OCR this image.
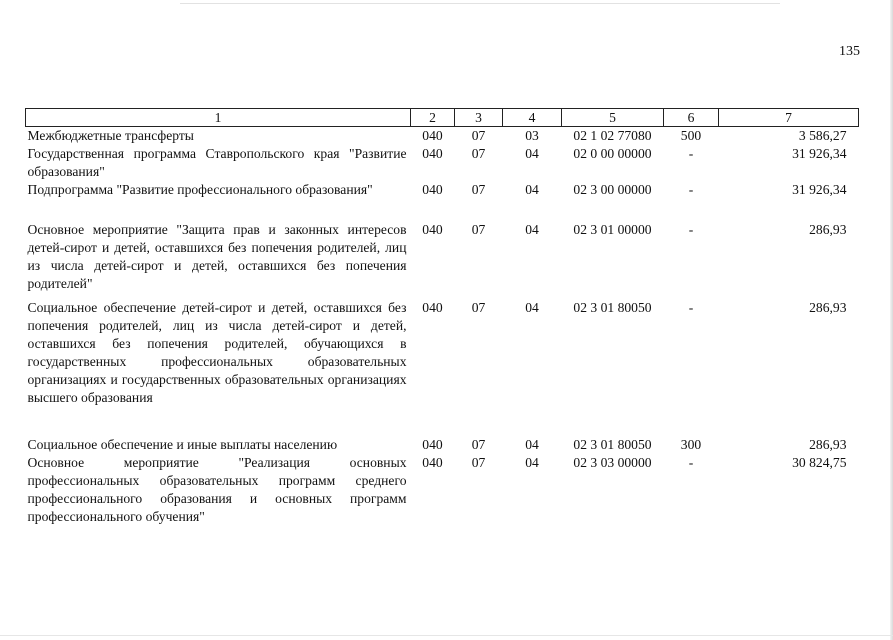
135
1	2	3	4	5	6	7
Межбюджетные трансферты	040	07	03	02 1 02 77080	500	3 586,27
Государственная программа Ставропольского края "Развитие образования"	040	07	04	02 0 00 00000	-	31 926,34
Подпрограмма "Развитие профессионального образования"	040	07	04	02 3 00 00000	-	31 926,34
Основное мероприятие "Защита прав и законных интересов детей-сирот и детей, оставшихся без попечения родителей, лиц из числа детей-сирот и детей, оставшихся без попечения родителей"	040	07	04	02 3 01 00000	-	286,93
Социальное обеспечение детей-сирот и детей, оставшихся без попечения родителей, лиц из числа детей-сирот и детей, оставшихся без попечения родителей, обучающихся в государственных профессиональных образовательных организациях и государственных образовательных организациях высшего образования	040	07	04	02 3 01 80050	-	286,93
Социальное обеспечение и иные выплаты населению	040	07	04	02 3 01 80050	300	286,93
Основное мероприятие "Реализация основных профессиональных образовательных программ среднего профессионального образования и основных программ профессионального обучения"	040	07	04	02 3 03 00000	-	30 824,75
